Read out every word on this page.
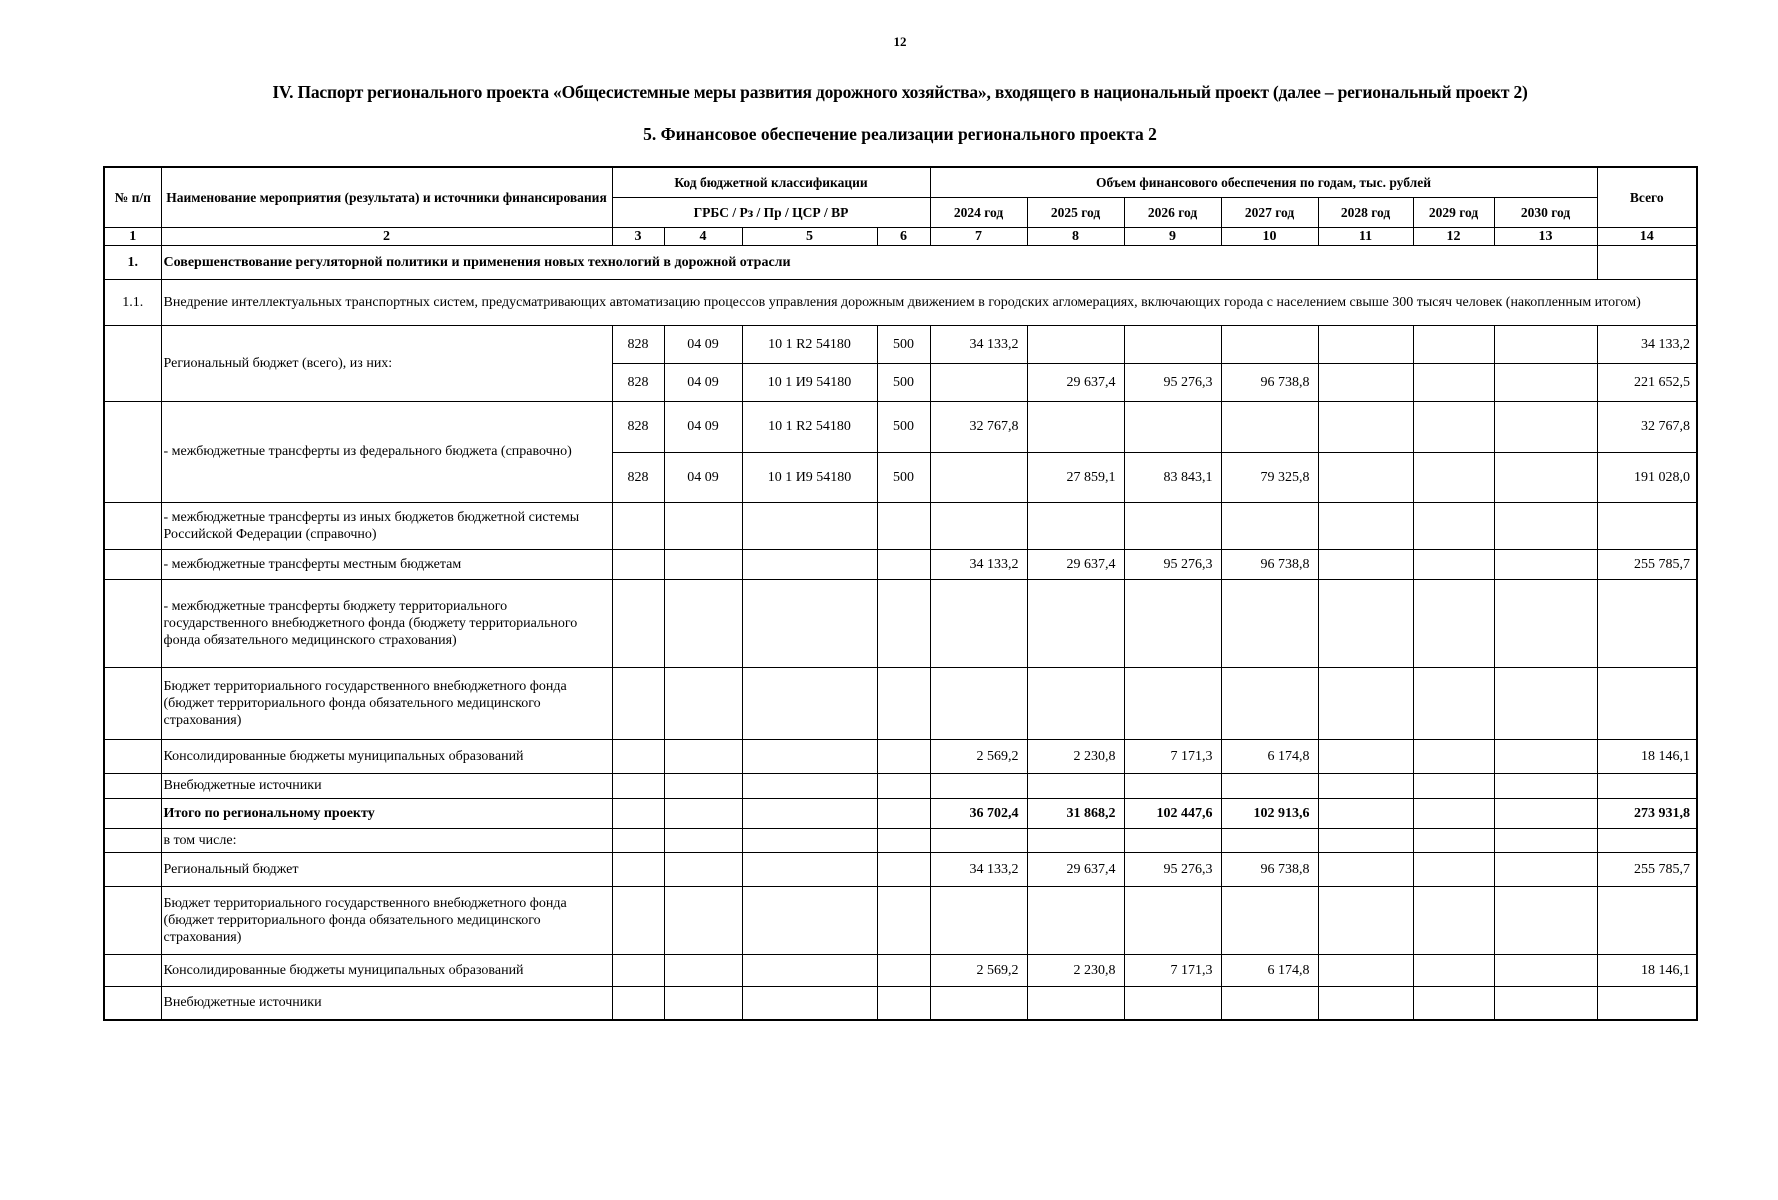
12
IV. Паспорт регионального проекта «Общесистемные меры развития дорожного хозяйства», входящего в национальный проект (далее – региональный проект 2)
5. Финансовое обеспечение реализации регионального проекта 2
№ п/п	Наименование мероприятия (результата) и источники финансирования	Код бюджетной классификации				Объем финансового обеспечения по годам, тыс. рублей							Всего
		ГРБС / Рз / Пр / ЦСР / ВР				2024 год	2025 год	2026 год	2027 год	2028 год	2029 год	2030 год	
1	2	3	4	5	6	7	8	9	10	11	12	13	14
1.	Совершенствование регуляторной политики и применения новых технологий в дорожной отрасли												
1.1.	Внедрение интеллектуальных транспортных систем, предусматривающих автоматизацию процессов управления дорожным движением в городских агломерациях, включающих города с населением свыше 300 тысяч человек (накопленным итогом)												
	Региональный бюджет (всего), из них:	828	04 09	10 1 R2 54180	500	34 133,2							34 133,2
		828	04 09	10 1 И9 54180	500		29 637,4	95 276,3	96 738,8				221 652,5
	- межбюджетные трансферты из федерального бюджета (справочно)	828	04 09	10 1 R2 54180	500	32 767,8							32 767,8
		828	04 09	10 1 И9 54180	500		27 859,1	83 843,1	79 325,8				191 028,0
	- межбюджетные трансферты из иных бюджетов бюджетной системы Российской Федерации (справочно)												
	- межбюджетные трансферты местным бюджетам					34 133,2	29 637,4	95 276,3	96 738,8				255 785,7
	- межбюджетные трансферты бюджету территориального государственного внебюджетного фонда (бюджету территориального фонда обязательного медицинского страхования)												
	Бюджет территориального государственного внебюджетного фонда (бюджет территориального фонда обязательного медицинского страхования)												
	Консолидированные бюджеты муниципальных образований					2 569,2	2 230,8	7 171,3	6 174,8				18 146,1
	Внебюджетные источники												
	Итого по региональному проекту					36 702,4	31 868,2	102 447,6	102 913,6				273 931,8
	в том числе:												
	Региональный бюджет					34 133,2	29 637,4	95 276,3	96 738,8				255 785,7
	Бюджет территориального государственного внебюджетного фонда (бюджет территориального фонда обязательного медицинского страхования)												
	Консолидированные бюджеты муниципальных образований					2 569,2	2 230,8	7 171,3	6 174,8				18 146,1
	Внебюджетные источники												
